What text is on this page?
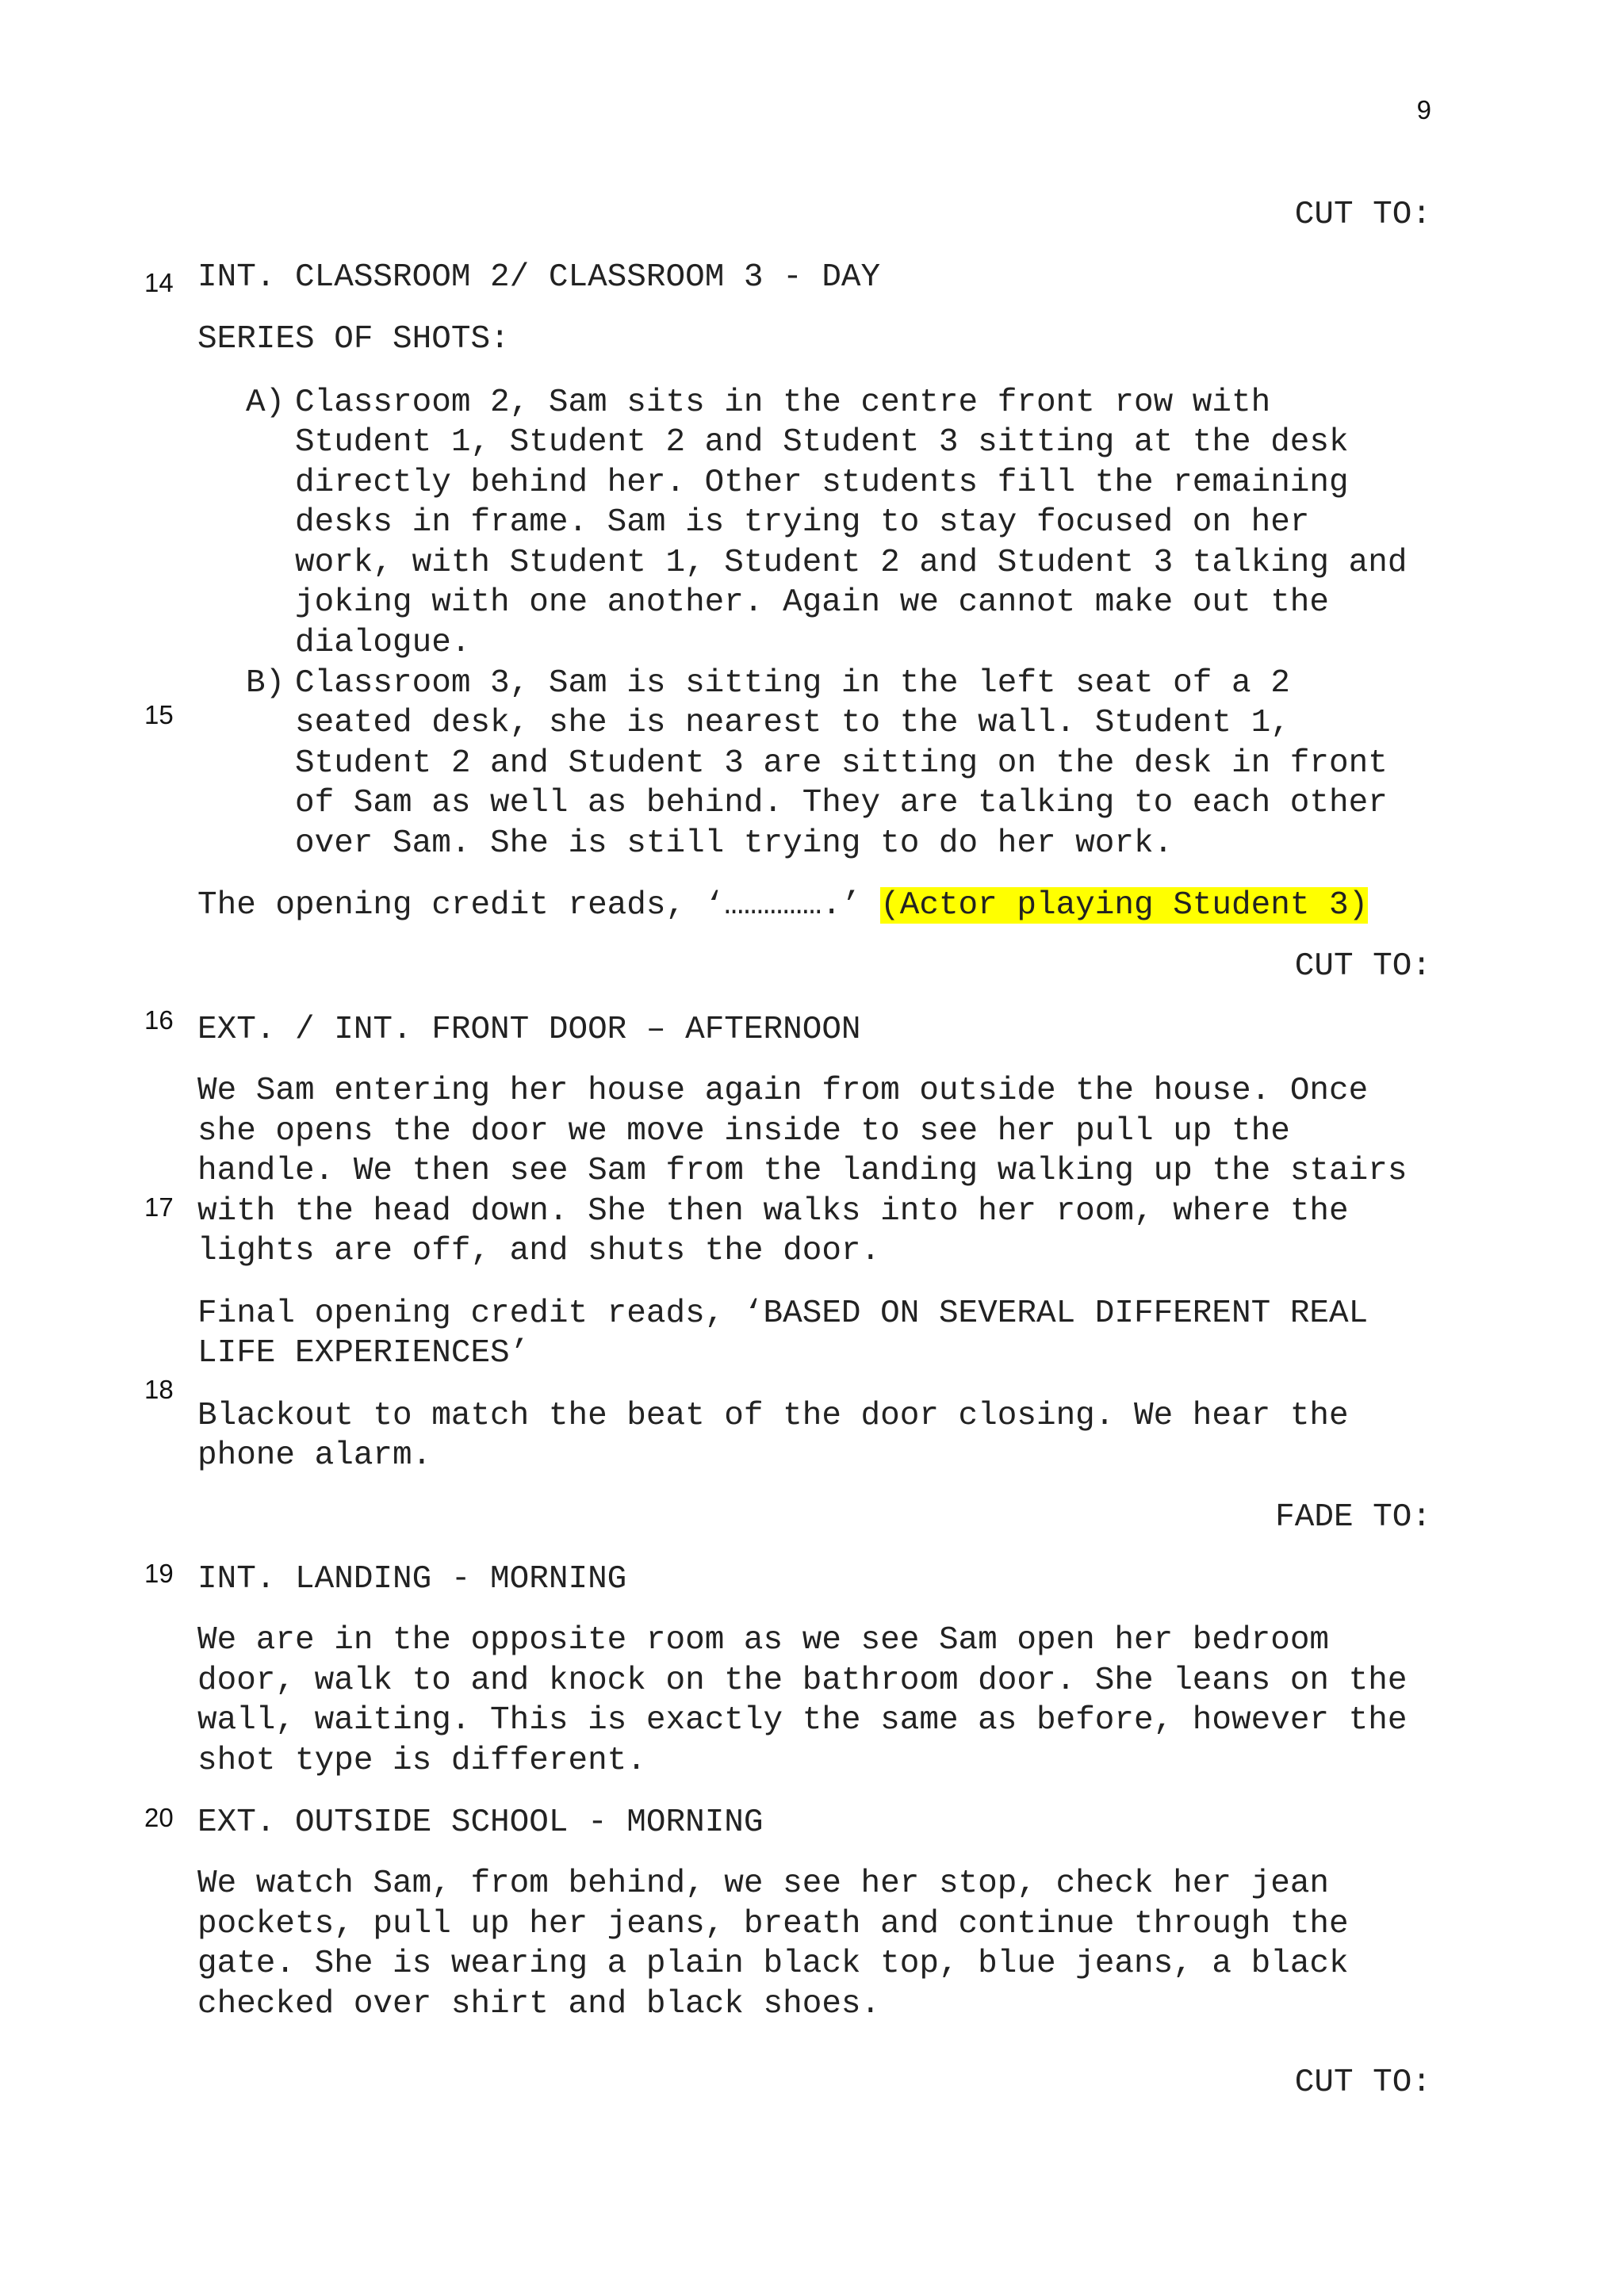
9
CUT TO:
14 INT. CLASSROOM 2/ CLASSROOM 3 - DAY
SERIES OF SHOTS:
A) Classroom 2, Sam sits in the centre front row with
Student 1, Student 2 and Student 3 sitting at the desk
directly behind her. Other students fill the remaining
desks in frame. Sam is trying to stay focused on her
work, with Student 1, Student 2 and Student 3 talking and
joking with one another. Again we cannot make out the
dialogue.
B)
15
Classroom 3, Sam is sitting in the left seat of a 2
seated desk, she is nearest to the wall. Student 1,
Student 2 and Student 3 are sitting on the desk in front
of Sam as well as behind. They are talking to each other
over Sam. She is still trying to do her work.
The opening credit reads, ‘…………….’ (Actor playing Student 3)
CUT TO:
16 EXT. / INT. FRONT DOOR – AFTERNOON
We Sam entering her house again from outside the house. Once
she opens the door we move inside to see her pull up the
handle. We then see Sam from the landing walking up the stairs
17 with the head down. She then walks into her room, where the
lights are off, and shuts the door.
Final opening credit reads, ‘BASED ON SEVERAL DIFFERENT REAL
LIFE EXPERIENCES’
18
Blackout to match the beat of the door closing. We hear the
phone alarm.
FADE TO:
19 INT. LANDING - MORNING
We are in the opposite room as we see Sam open her bedroom
door, walk to and knock on the bathroom door. She leans on the
wall, waiting. This is exactly the same as before, however the
shot type is different.
20 EXT. OUTSIDE SCHOOL - MORNING
We watch Sam, from behind, we see her stop, check her jean
pockets, pull up her jeans, breath and continue through the
gate. She is wearing a plain black top, blue jeans, a black
checked over shirt and black shoes.
CUT TO:
